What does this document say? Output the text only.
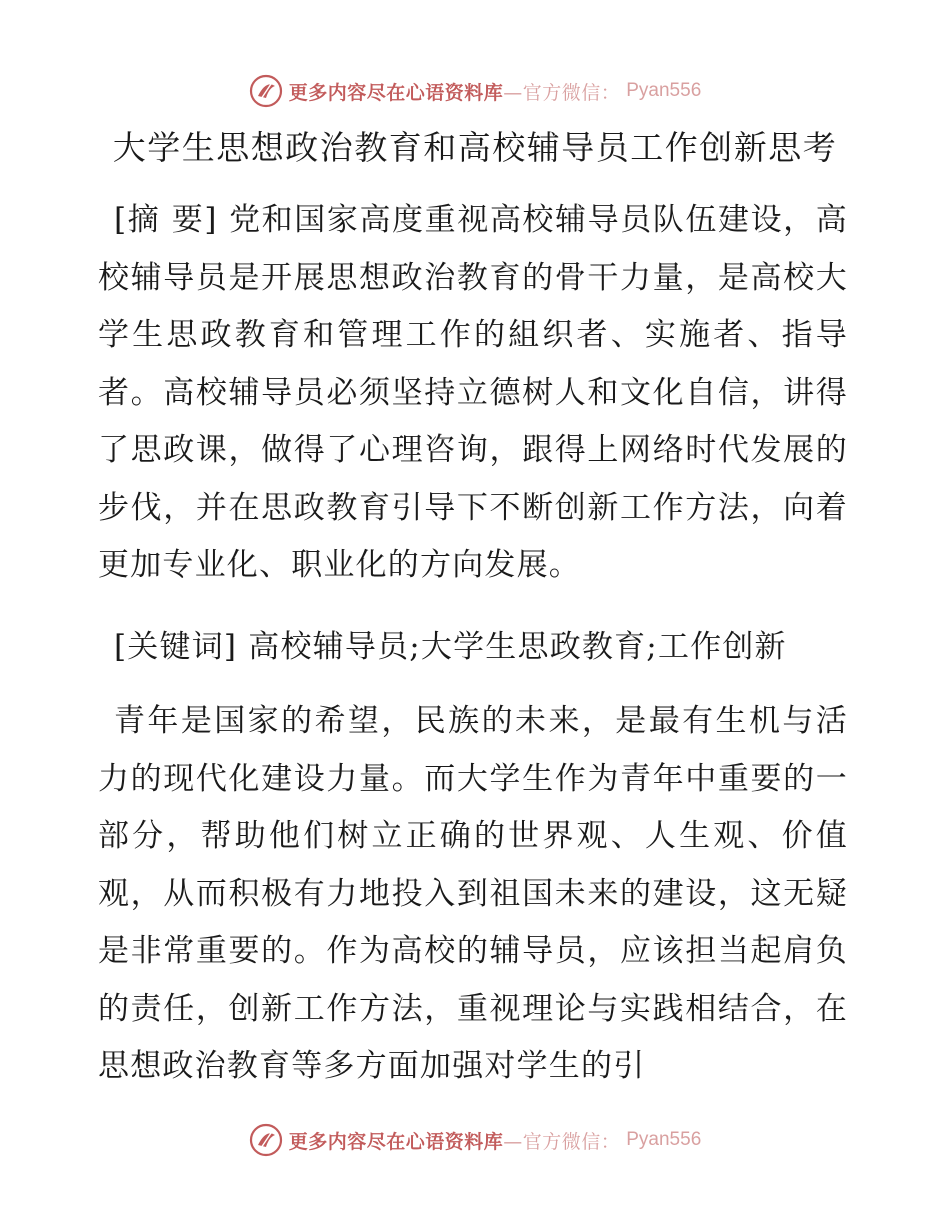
更多内容尽在心语资料库—官方微信： Pyan556
大学生思想政治教育和高校辅导员工作创新思考
[摘 要] 党和国家高度重视高校辅导员队伍建设，高校辅导员是开展思想政治教育的骨干力量，是高校大学生思政教育和管理工作的組织者、实施者、指导者。高校辅导员必须坚持立德树人和文化自信，讲得了思政课，做得了心理咨询，跟得上网络时代发展的步伐，并在思政教育引导下不断创新工作方法，向着更加专业化、职业化的方向发展。
[关键词] 高校辅导员;大学生思政教育;工作创新
青年是国家的希望，民族的未来，是最有生机与活力的现代化建设力量。而大学生作为青年中重要的一部分，帮助他们树立正确的世界观、人生观、价值观，从而积极有力地投入到祖国未来的建设，这无疑是非常重要的。作为高校的辅导员，应该担当起肩负的责任，创新工作方法，重视理论与实践相结合，在思想政治教育等多方面加强对学生的引
更多内容尽在心语资料库—官方微信： Pyan556
